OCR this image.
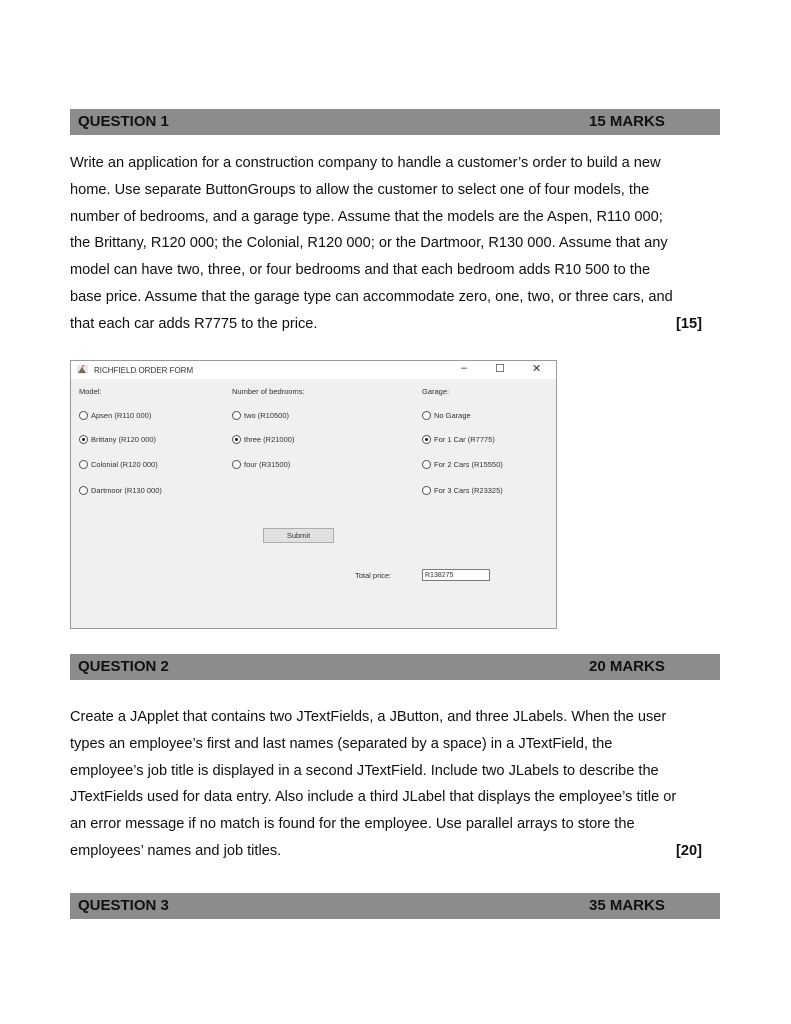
QUESTION 1	15 MARKS
Write an application for a construction company to handle a customer’s order to build a new
home. Use separate ButtonGroups to allow the customer to select one of four models, the
number of bedrooms, and a garage type. Assume that the models are the Aspen, R110 000;
the Brittany, R120 000; the Colonial, R120 000; or the Dartmoor, R130 000. Assume that any
model can have two, three, or four bedrooms and that each bedroom adds R10 500 to the
base price. Assume that the garage type can accommodate zero, one, two, or three cars, and
that each car adds R7775 to the price.	[15]
RICHFIELD ORDER FORM	–	☐ ✕
Model:	Number of bedrooms:	Garage:
Apsen (R110 000)
Brittany (R120 000)
Colonial (R120 000)
Dartmoor (R130 000)
two (R10500)
three (R21000)
four (R31500)
No Garage
For 1 Car (R7775)
For 2 Cars (R15550)
For 3 Cars (R23325)
Submit
Total price:	R138275
QUESTION 2	20 MARKS
Create a JApplet that contains two JTextFields, a JButton, and three JLabels. When the user
types an employee’s first and last names (separated by a space) in a JTextField, the
employee’s job title is displayed in a second JTextField. Include two JLabels to describe the
JTextFields used for data entry. Also include a third JLabel that displays the employee’s title or
an error message if no match is found for the employee. Use parallel arrays to store the
employees’ names and job titles.	[20]
QUESTION 3	35 MARKS
